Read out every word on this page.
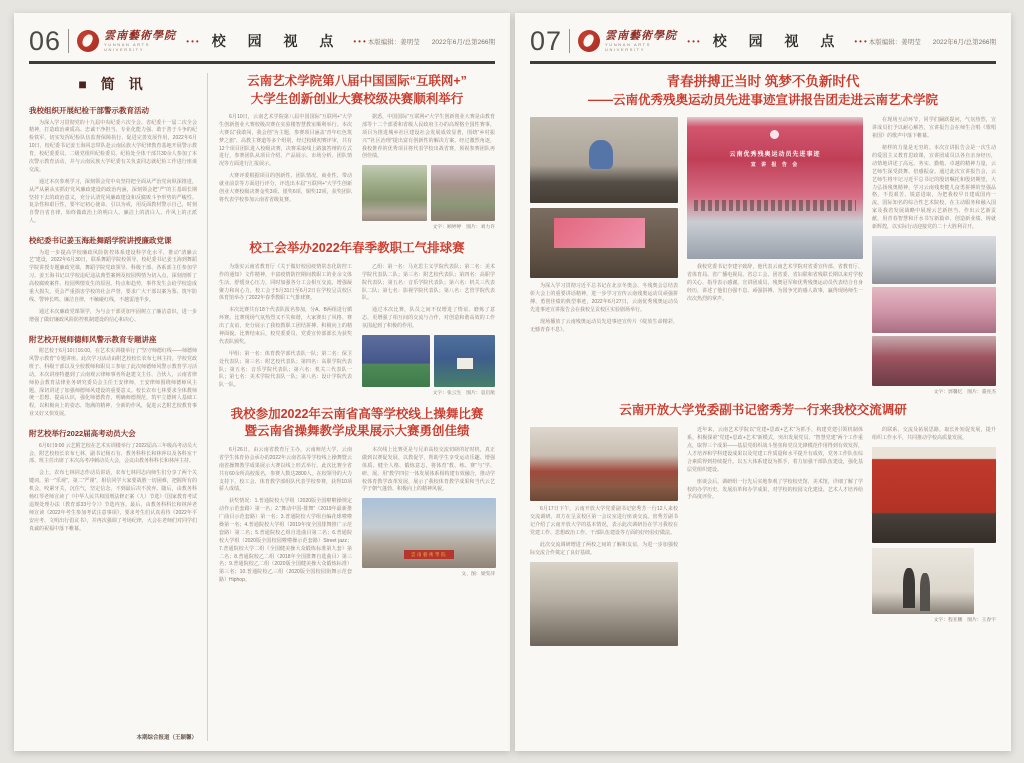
06	雲南藝術學院
YUNNAN ARTS UNIVERSITY
••• 校 园 视 点 ••• 本版编辑：姜明莹 2022年6月/总第266期
■ 简 讯
我校组织开展纪检干部警示教育活动

为深入学习贯彻党的十九届中央纪委六次全会、省纪委十一届二次全会精神，打造政治素质高、忠诚干净担当、专业化能力强、敢于善于斗争的纪检铁军，切实发挥纪检队伍监督保障执行、促进完善发展作用，2022年6月10日，校纪委书记姜玉海同志带队赴云南民族大学纪律教育基地开展警示教育，校纪委委员、二级党组织纪检委员、纪检处全体干部共30余人参加了本次警示教育活动，并与云南民族大学纪委有关负责同志就纪检工作进行座谈交流。

通过本次参观学习，深刻领会党中央坚持把全面从严治党向纵深推进，从严从紧从实抓好党风廉政建设的政治内涵，深刻领会把“严”的主基调长期坚持下去的政治意义，充分认清党风廉政建设和反腐败斗争形势的严峻性、复杂性和艰巨性，要牢记初心使命、引以为戒，用反面教材警示自己，时刻自警自省自律，始终做政治上的明白人、廉洁上的清白人、作风上的正派人。

校纪委书记姜玉海赴舞蹈学院讲授廉政党课

为进一步提高学校廉政风险防控体系建设科学化水平，推动“清廉云艺”建设，2022年6月30日，联系舞蹈学院校领导、校纪委书记姜玉海到舞蹈学院讲授专题廉政党课，舞蹈学院党政领导、科级干部、各系部主任参加学习。姜玉海书记以学校违纪违法典型案例及校园舆情为切入点，深刻剖析了高校腐败案件、校园舆情发生的原因、特点和趋势，事件发生会给学校造成重大损失，更会严重损害学校的社会声誉，要求广大干部以案为鉴、筑牢防线、警钟长鸣、廉洁自律，不触碰红线，不越雷池半步。

通过本次廉政党课领学，为与会干部更加牢固树立了廉洁意识，进一步增强了做好廉政风险防控机制建设的信心和决心。

附艺校开展师德师风警示教育专题讲座

附艺校于6月10日16:00，在艺术实训楼举行了“坚守师德红线——师德师风警示教育”专题讲座。此次学习活动由附艺校校长农布七林主持，学校党政班子、科级干部以及全校教师和职员工参加了此次师德师风警示教育学习活动。本次讲座特邀到了云南观云律师事务所赵建文主任、合伙人，云南省律师协会教育法律业务研究委员会主任王安律师，王安律师围绕师德师风主题，深切讲述了加强师德师风建设的重要意义。校长农布七林要求全体教师统一思想、提高认识，强化师德教育，明确师德规范，筑牢立德树人基础工程，以积极向上的姿态、饱满的精神、全新的作风，促进云艺附艺校教育事业又好又快发展。

附艺校举行2022届高考动员大会

6月6日9:00 云艺附艺校在艺术实训楼举行了2022届高三年级高考动员大会，附艺校校长农布七林、副书记杨石有、教务科科长和林萍以及各科室干部、班主任出席了本次高考冲刺动员大会，会议由教务科科长和林萍主持。

会上，农布七林同志作动员讲话，农布七林同志向师生们分享了两个关键词，第一“乐观”，第二“严谨”，相信同学大家要战胜一切困难，把握所有的机会，咬紧牙关，沉住气，坚定信念，不到最后决不放弃。随后，由教务科杨红琴老师宣读了《中华人民共和国刑法修正案（九）节选》《国家教育考试违规处理办法（教育部33号令）》节选内容。最后，由教务科科长和林萍老师宣读《2022年考生参加考试注意事项》，要求考生们认真看待《2022年平安应考、文明出行倡议书》，并再次强调了考场纪律，大会在老师们对同学们真诚的祝福中落下帷幕。

本期综合报道（王颖馨）
云南艺术学院第八届中国国际“互联网+”
大学生创新创业大赛校级决赛顺利举行

6月10日，云南艺术学院第八届中国国际“互联网+”大学生创新创业大赛校级决赛在实验楼智慧教室顺利举行。本次大赛以“我敢闯，我会创”为主题，参赛项目涵盖“青年红色筑梦之旅”、高教主赛道等多个组别，经过校级初赛评审，共有12个项目团队进入校级决赛，决赛采取线上路演答辩的方式进行，参赛团队从项目介绍、产品展示、市场分析、团队情况等方面进行汇报展示。

大赛评委根据项目的创新性、团队情况、商业性、带动就业前景等方面进行评分，评选出本届“互联网+”大学生创新创业大赛校级决赛金奖3项、银奖6项、铜奖12项，获奖团队将代表学校参加云南省省级复赛。

据悉，中国国际“互联网+”大学生创新创业大赛是由教育部等十二个部委和省级人民政府主办的高规格全国性赛事，项目为推进城乡社区建设社会发展成效显著，围绕“乡村振兴”“社区治理”提出富有创新性的解决方案。经过激烈角逐，我校推荐的优秀项目将代表学校出战省赛，预祝参赛团队再创佳绩。

文字：顾婷婷　图片：刘力许
校工会举办2022年春季教职工气排球赛

为落实云南省教育厅《关于做好校园疫情常态化防控工作的通知》文件精神，丰富疫情防控期间教职工的业余文体生活，舒缓身心压力，同时加强各分工会相互交流，增强凝聚力和向心力，校工会于5月31日至6月2日在学校呈贡校区体育馆举办了2022年春季教职工气排球赛。

本次比赛共有18个代表队报名参加，分A、B两组进行循环赛。比赛现场气氛热烈又不失和谐，大家赛出了风格、赛出了友谊，充分展示了我校教职工团结拼搏、积极向上的精神面貌。比赛结束后，校党委委员、党委宣传部部长为获奖代表队颁奖。

甲组：第一名：体育教学部代表队一队；第二名：保卫处代表队；第三名：附艺校代表队；第四名：高职学院代表队；第五名：音乐学院代表队；第六名：机关三代表队一队；第七名：美术学院代表队一队；第八名：设计学院代表队一队。

乙组：第一名：马克思主义学院代表队；第二名：美术学院代表队二队；第三名：附艺校代表队；第四名：高职学院代表队；第五名：音乐学院代表队；第六名：机关三代表队二队；第七名：影视学院代表队；第八名：艺管学院代表队。

通过本次比赛，队员之间不仅增进了情谊、磨炼了意志，更增强了相互间的交流与合作，对创造和谐高效的工作氛围起到了积极的作用。

文字：张云生　图片：袁启航
我校参加2022年云南省高等学校线上操舞比赛
暨云南省操舞教学成果展示大赛勇创佳绩

6月26日，由云南省教育厅主办，云南师范大学、云南省学生体育协会承办的2022年云南省高等学校线上操舞暨云南省操舞教学成果展示大赛以线上形式举行。此次比赛全省共有60余所高校报名，参赛人数达2800人。在校领导的大力支持下，校工会、体育教学部组队代表学校参赛，获得10项骄人成绩。

获奖情况：1.普通院校大学组（2020版全国啦啦操规定动作示范套路）第一名；2.“舞动中国-排舞”（2019年最新推广曲目示范套路）第一名；3.普通院校大学组自编花球啦啦操第一名；4.普通院校大学组（2019年度全国排舞推广示范套路）第二名；5.普通院校乙组自选曲目第二名；6.普通院校大学组（2020版全国校园啦啦操示范套路）Street jazz；7.普通院校大学二组《全国健美操大众锻炼标准第九套》第二名；8.普通院校乙二组（2018年全国排舞自选曲目）第三名；9.普通院校乙二组（2020版全国健美操大众锻炼标准）第三名；10.普通院校乙三组（2020版全国校园街舞示范套路）Hiphop。

本次线上比赛更是与兄弟高校交流切磋的好时机，真正做到以赛促发展、以教促学，帮助学生享受运动乐趣、增强体质、健全人格、锻炼意志，将体育“教、练、赛”与“学、研、展、用”教学四位一体发展体系相构建有效融合，推动学校体育教学改革发展，展示了我校体育教学成果和当代云艺学子朝气蓬勃、积极向上的精神风貌。

雲南藝術學院
文、图：梁雯萍
07	雲南藝術學院
YUNNAN ARTS UNIVERSITY
••• 校 园 视 点 ••• 本版编辑：姜明莹 2022年6月/总第266期
青春拼搏正当时 筑梦不负新时代
——云南优秀残奥运动员先进事迹宣讲报告团走进云南艺术学院

为深入学习贯彻习近平总书记在北京冬奥会、冬残奥会总结表彰大会上的重要讲话精神，进一步学习宣传云南残奥运动员顽强拼搏、勇创佳绩的典型事迹，2022年6月27日，云南优秀残奥运动员先进事迹宣讲报告会在我校呈贡校区实验剧场举行。

现场播放了云南残奥运动员先进事迹宣传片《绽放生命精彩，无憾青春不息》。

云南优秀残奥运动员先进事迹
宣 讲 报 告 会

我校党委书记李建宇致辞，他代表云南艺术学院对省委宣传部、省教育厅、省体育局、省广播电视局、省总工会、团省委、省妇联和省残联长期以来对学校的关心、指导表示感谢。宣讲团成员、残奥冠军和优秀残奥运动员代表结合自身经历，讲述了他们自强不息、顽强拼搏、为国争光的感人故事，赢得现场师生一次次热烈的掌声。

在现场互动环节，同学们踊跃提问，气氛热烈，宣讲成员们予以耐心解答，宣讲报告会在师生合唱《歌唱祖国》的歌声中落下帷幕。

榜样的力量是无穷的。本次宣讲报告会是一次生动的爱国主义教育思政课，宣讲团成员以各自亲身经历，动情地讲述了高远、务实、勤勉、卓越的精神力量，云艺师生深受鼓舞、倍感振奋。通过此次宣讲报告会，云艺师生将牢记习近平总书记的殷切嘱托和殷切期望，大力弘扬残奥精神，学习云南残奥健儿奋勇拼搏的坚强品格，不畏艰苦、锐意进取，为把我校早日建成国内一流、国际知名的综合性艺术院校，在主动服务和融入国家及我省发展战略中展现云艺新担当、作出云艺新贡献，用青春智慧和汗水书写新篇章、创造新业绩、铸就新辉煌，以实际行动迎接党的二十大胜利召开。

文字：郭馨忆　图片：董亮杰
云南开放大学党委副书记密秀芳一行来我校交流调研

6月17日下午，云南开放大学党委副书记密秀芳一行12人来校交流调研，双方在呈贡校区第一会议室进行座谈交流。密秀芳副书记介绍了云南开放大学的基本情况，表示此次调研旨在学习我校在党建工作、思想政治工作、干部队伍建设等方面的好经验好做法。

此次交流调研增进了两校之间的了解和友谊，为进一步加强校际交流合作奠定了良好基础。

近年来，云南艺术学院以“党建+思政+艺术”为抓手，构建党建引领机制体系，积极探索“党建+思政+艺术”新模式，突出发展党员、“智慧党建”两个工作重点，取得三个成果——基层党组织战斗堡垒和党员先锋模范作用得到有效发挥，人才培养和学科建设成果以及党建工作质量和水平提升有成效，党务工作队伍综合素质得到持续提升。以五大体系建设为抓手，着力加强干部队伍建设，强化基层党组织建设。

座谈会后，调研组一行先后实地参观了学校校史馆、美术馆，详细了解了学校的办学历史、发展沿革和办学成果，对学校的校园文化建设、艺术人才培养给予高度评价。

的联系、交流及拓展思路，取长补短促发展，提升组织工作水平，共同推动学校高质量发展。

文字：程亚鹏　图片：王春宇
